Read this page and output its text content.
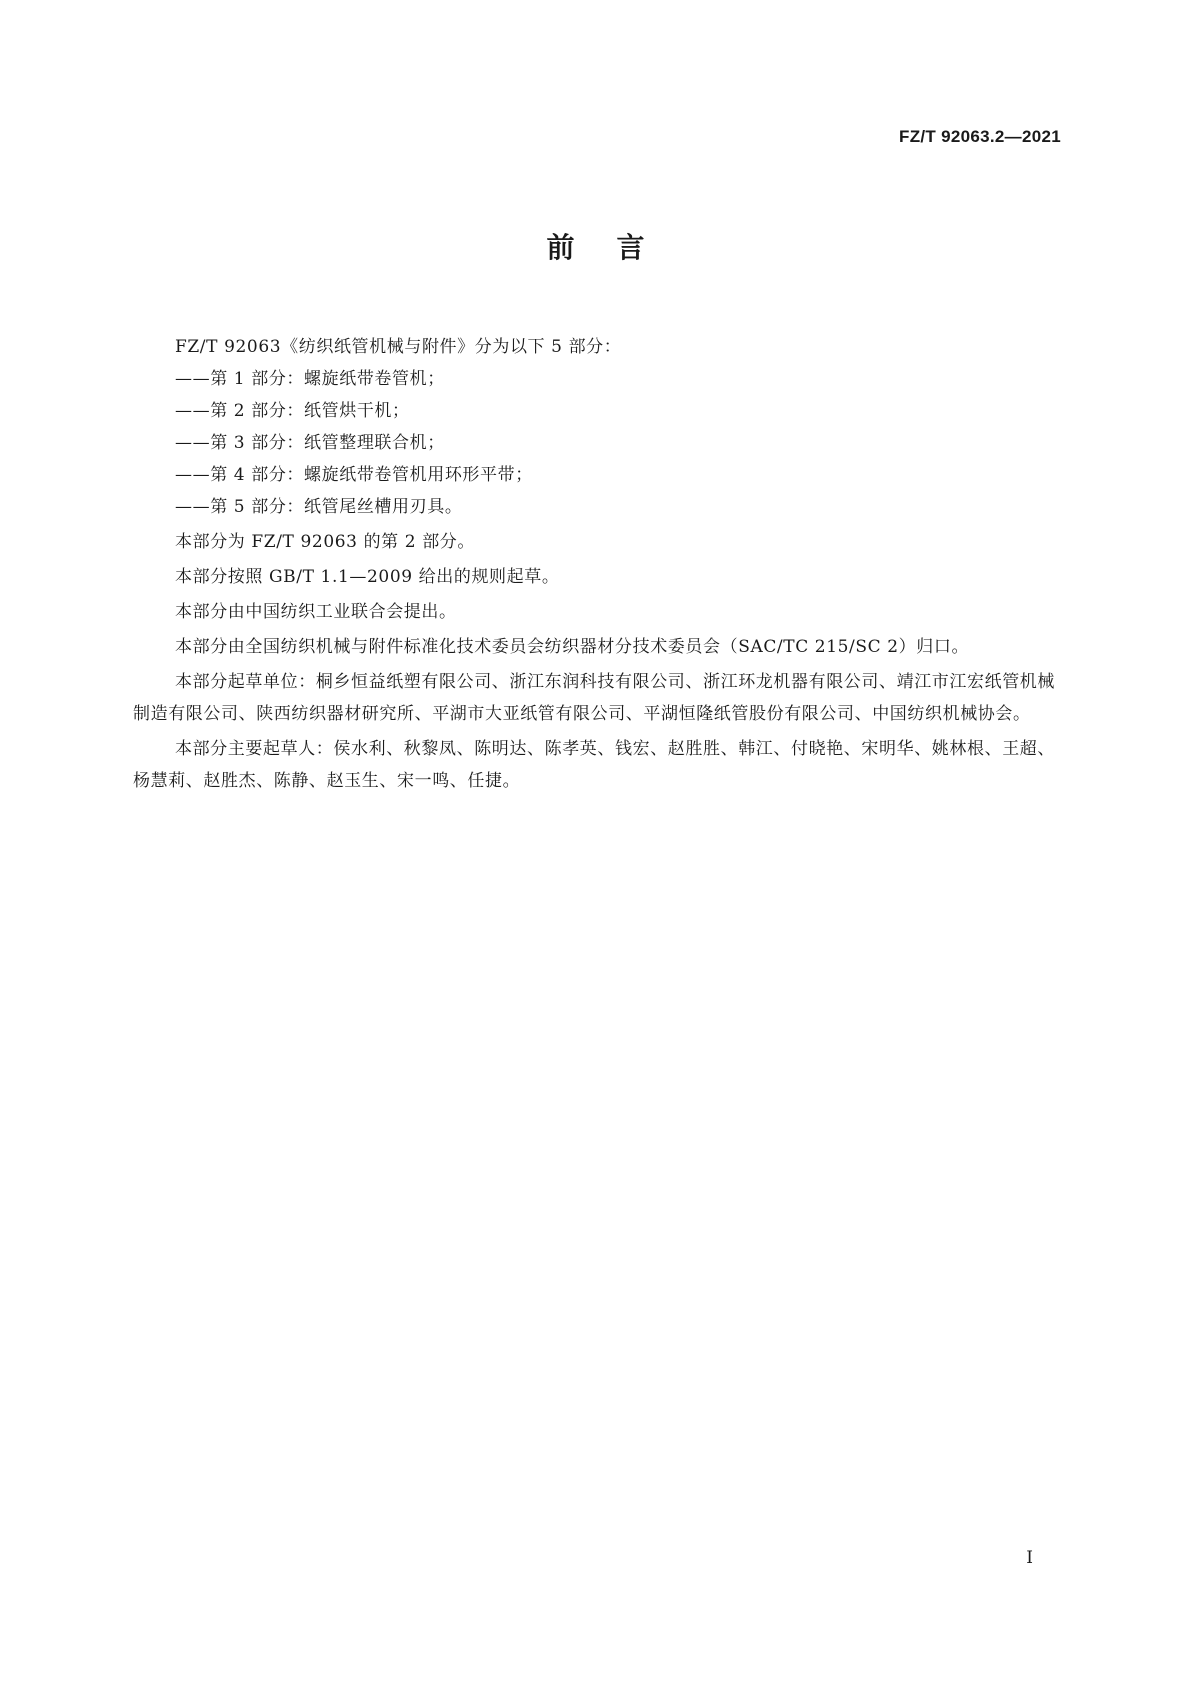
FZ/T 92063.2—2021
前言

FZ/T 92063《纺织纸管机械与附件》分为以下 5 部分：

——第 1 部分：螺旋纸带卷管机；

——第 2 部分：纸管烘干机；

——第 3 部分：纸管整理联合机；

——第 4 部分：螺旋纸带卷管机用环形平带；

——第 5 部分：纸管尾丝槽用刃具。

本部分为 FZ/T 92063 的第 2 部分。

本部分按照 GB/T 1.1—2009 给出的规则起草。

本部分由中国纺织工业联合会提出。

本部分由全国纺织机械与附件标准化技术委员会纺织器材分技术委员会（SAC/TC 215/SC 2）归口。

本部分起草单位：桐乡恒益纸塑有限公司、浙江东润科技有限公司、浙江环龙机器有限公司、靖江市江宏纸管机械制造有限公司、陕西纺织器材研究所、平湖市大亚纸管有限公司、平湖恒隆纸管股份有限公司、中国纺织机械协会。

本部分主要起草人：侯水利、秋黎凤、陈明达、陈孝英、钱宏、赵胜胜、韩江、付晓艳、宋明华、姚林根、王超、杨慧莉、赵胜杰、陈静、赵玉生、宋一鸣、任捷。

I
